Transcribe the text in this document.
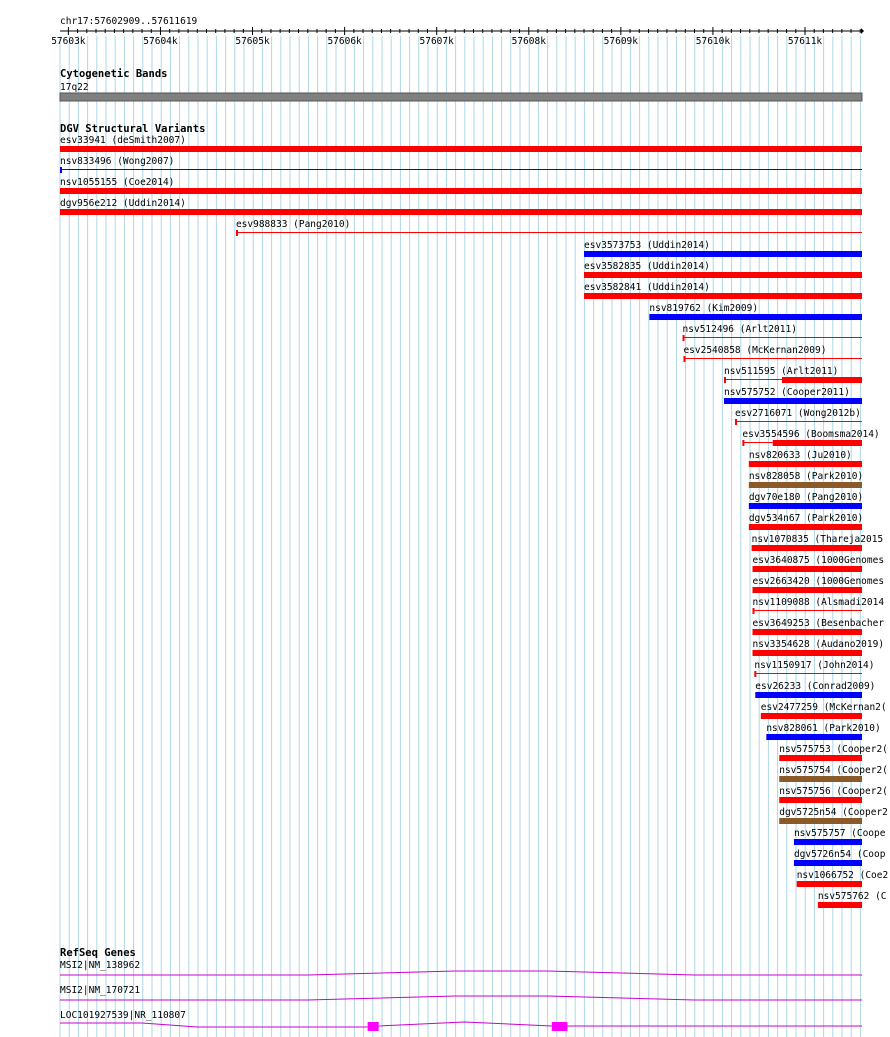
chr17:57602909..57611619
57603k	57604k	57605k	57606k	57607k	57608k	57609k	57610k	57611k
Cytogenetic Bands
17q22
DGV Structural Variants
esv33941 (deSmith2007)
nsv833496 (Wong2007)
nsv1055155 (Coe2014)
dgv956e212 (Uddin2014)
esv988833 (Pang2010)
esv3573753 (Uddin2014)
esv3582835 (Uddin2014)
esv3582841 (Uddin2014)
nsv819762 (Kim2009)
nsv512496 (Arlt2011)
esv2540858 (McKernan2009)
nsv511595 (Arlt2011)
nsv575752 (Cooper2011)
esv2716071 (Wong2012b)
esv3554596 (Boomsma2014)
nsv820633 (Ju2010)
nsv828058 (Park2010)
dgv70e180 (Pang2010)
dgv534n67 (Park2010)
nsv1070835 (Thareja2015
esv3640875 (1000Genomes
esv2663420 (1000Genomes
nsv1109088 (Alsmadi2014
esv3649253 (Besenbacher
nsv3354628 (Audano2019)
nsv1150917 (John2014)
esv26233 (Conrad2009)
esv2477259 (McKernan2(
nsv828061 (Park2010)
nsv575753 (Cooper2(
nsv575754 (Cooper2(
nsv575756 (Cooper2(
dgv5725n54 (Cooper2
nsv575757 (Coope
dgv5726n54 (Coop
nsv1066752 (Coe2
nsv575762 (C
RefSeq Genes
MSI2|NM_138962
MSI2|NM_170721
LOC101927539|NR_110807
